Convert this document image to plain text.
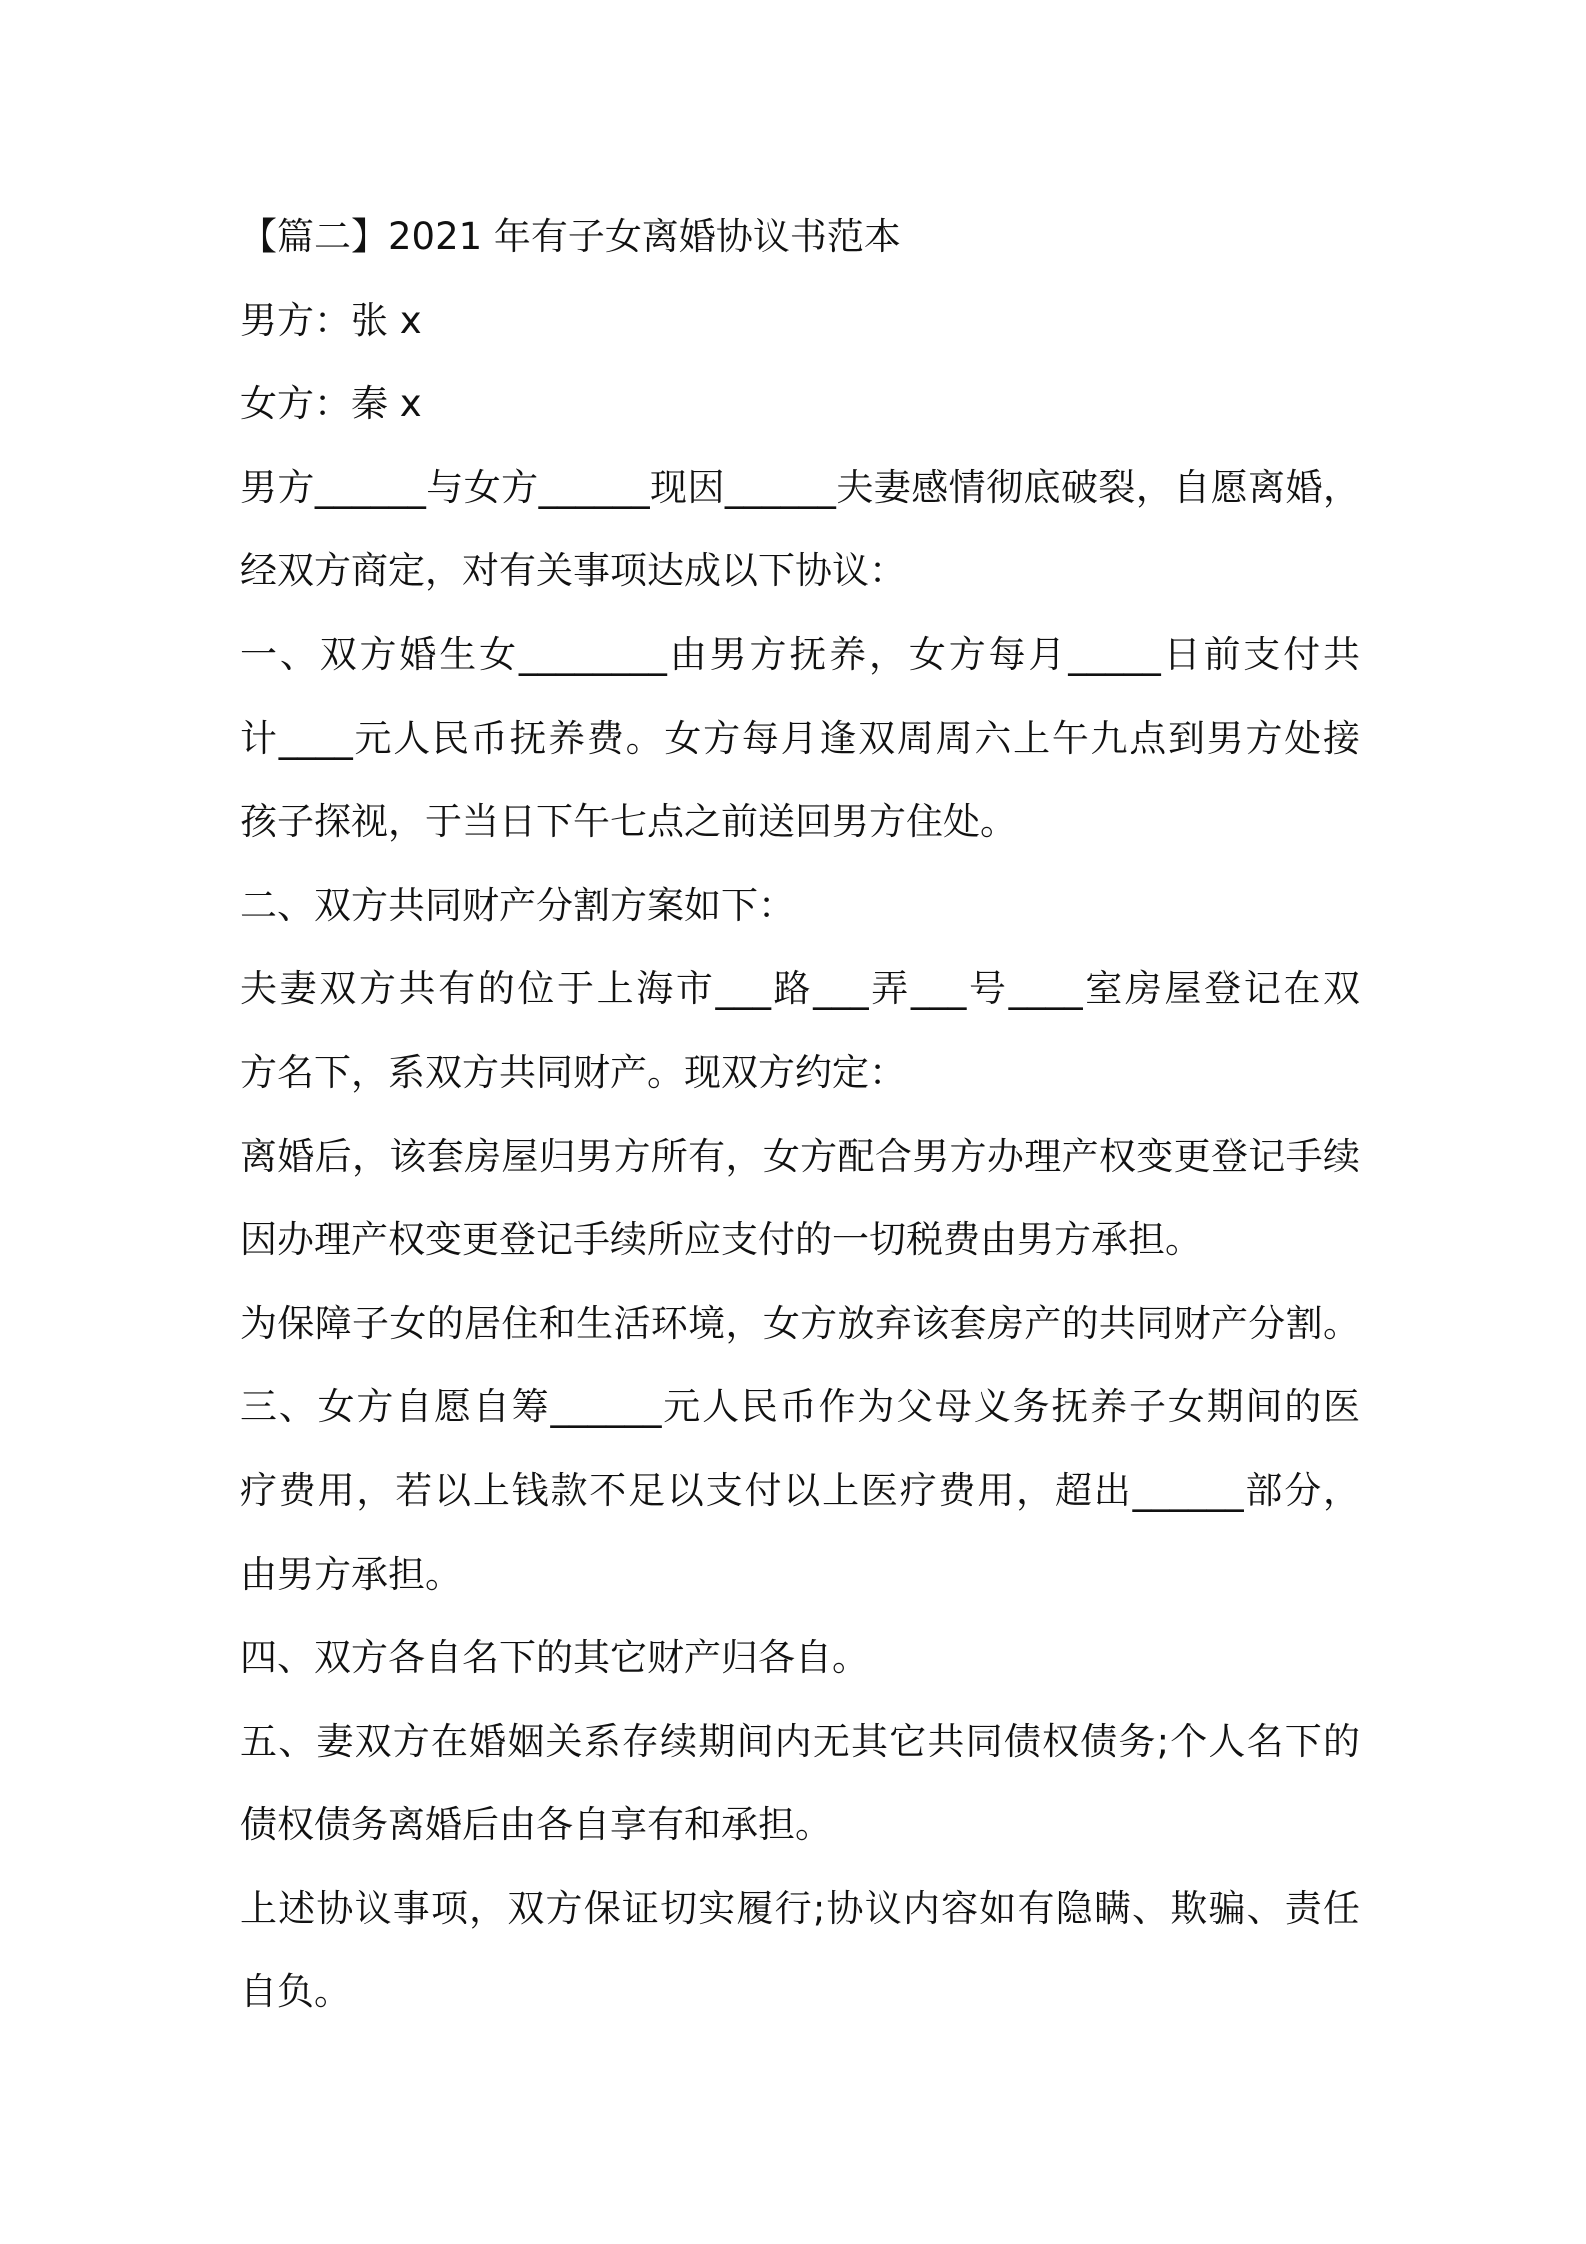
【篇二】2021 年有子女离婚协议书范本
男方：张 x
女方：秦 x
男方______与女方______现因______夫妻感情彻底破裂，自愿离婚，
经双方商定，对有关事项达成以下协议：
一、双方婚生女________由男方抚养，女方每月_____日前支付共
计____元人民币抚养费。女方每月逢双周周六上午九点到男方处接
孩子探视，于当日下午七点之前送回男方住处。
二、双方共同财产分割方案如下：
夫妻双方共有的位于上海市___路___弄___号____室房屋登记在双
方名下，系双方共同财产。现双方约定：
离婚后，该套房屋归男方所有，女方配合男方办理产权变更登记手续
因办理产权变更登记手续所应支付的一切税费由男方承担。
为保障子女的居住和生活环境，女方放弃该套房产的共同财产分割。
三、女方自愿自筹______元人民币作为父母义务抚养子女期间的医
疗费用，若以上钱款不足以支付以上医疗费用，超出______部分，
由男方承担。
四、双方各自名下的其它财产归各自。
五、妻双方在婚姻关系存续期间内无其它共同债权债务;个人名下的
债权债务离婚后由各自享有和承担。
上述协议事项，双方保证切实履行;协议内容如有隐瞒、欺骗、责任
自负。
